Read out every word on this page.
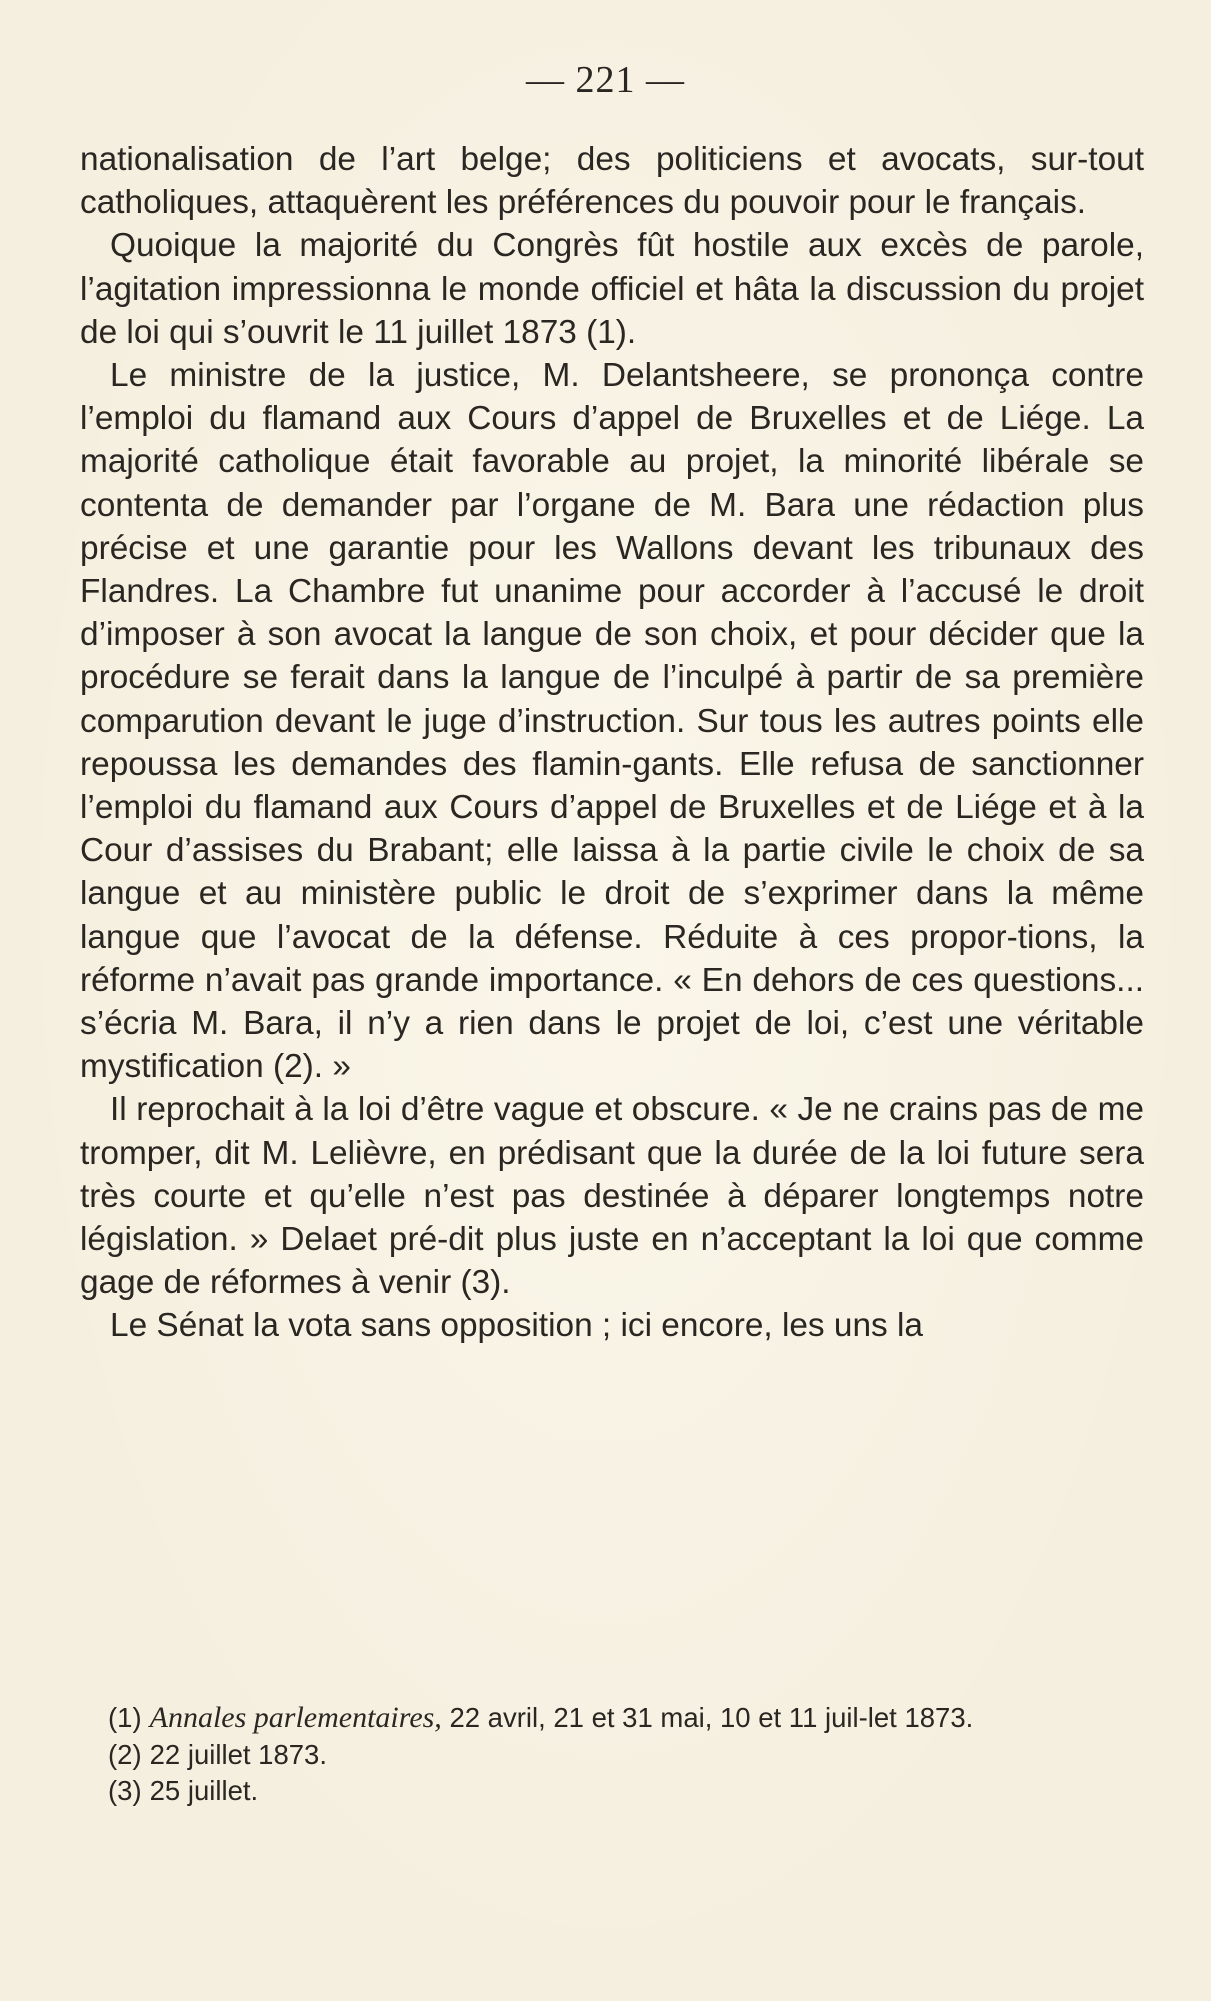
— 221 —

nationalisation de l’art belge; des politiciens et avocats, sur-tout catholiques, attaquèrent les préférences du pouvoir pour le français.

Quoique la majorité du Congrès fût hostile aux excès de parole, l’agitation impressionna le monde officiel et hâta la discussion du projet de loi qui s’ouvrit le 11 juillet 1873 (1).

Le ministre de la justice, M. Delantsheere, se prononça contre l’emploi du flamand aux Cours d’appel de Bruxelles et de Liége. La majorité catholique était favorable au projet, la minorité libérale se contenta de demander par l’organe de M. Bara une rédaction plus précise et une garantie pour les Wallons devant les tribunaux des Flandres. La Chambre fut unanime pour accorder à l’accusé le droit d’imposer à son avocat la langue de son choix, et pour décider que la procédure se ferait dans la langue de l’inculpé à partir de sa première comparution devant le juge d’instruction. Sur tous les autres points elle repoussa les demandes des flamin-gants. Elle refusa de sanctionner l’emploi du flamand aux Cours d’appel de Bruxelles et de Liége et à la Cour d’assises du Brabant; elle laissa à la partie civile le choix de sa langue et au ministère public le droit de s’exprimer dans la même langue que l’avocat de la défense. Réduite à ces propor-tions, la réforme n’avait pas grande importance. « En dehors de ces questions... s’écria M. Bara, il n’y a rien dans le projet de loi, c’est une véritable mystification (2). »

Il reprochait à la loi d’être vague et obscure. « Je ne crains pas de me tromper, dit M. Lelièvre, en prédisant que la durée de la loi future sera très courte et qu’elle n’est pas destinée à déparer longtemps notre législation. » Delaet pré-dit plus juste en n’acceptant la loi que comme gage de réformes à venir (3).

Le Sénat la vota sans opposition ; ici encore, les uns la

(1) Annales parlementaires, 22 avril, 21 et 31 mai, 10 et 11 juil-let 1873.

(2) 22 juillet 1873.

(3) 25 juillet.
